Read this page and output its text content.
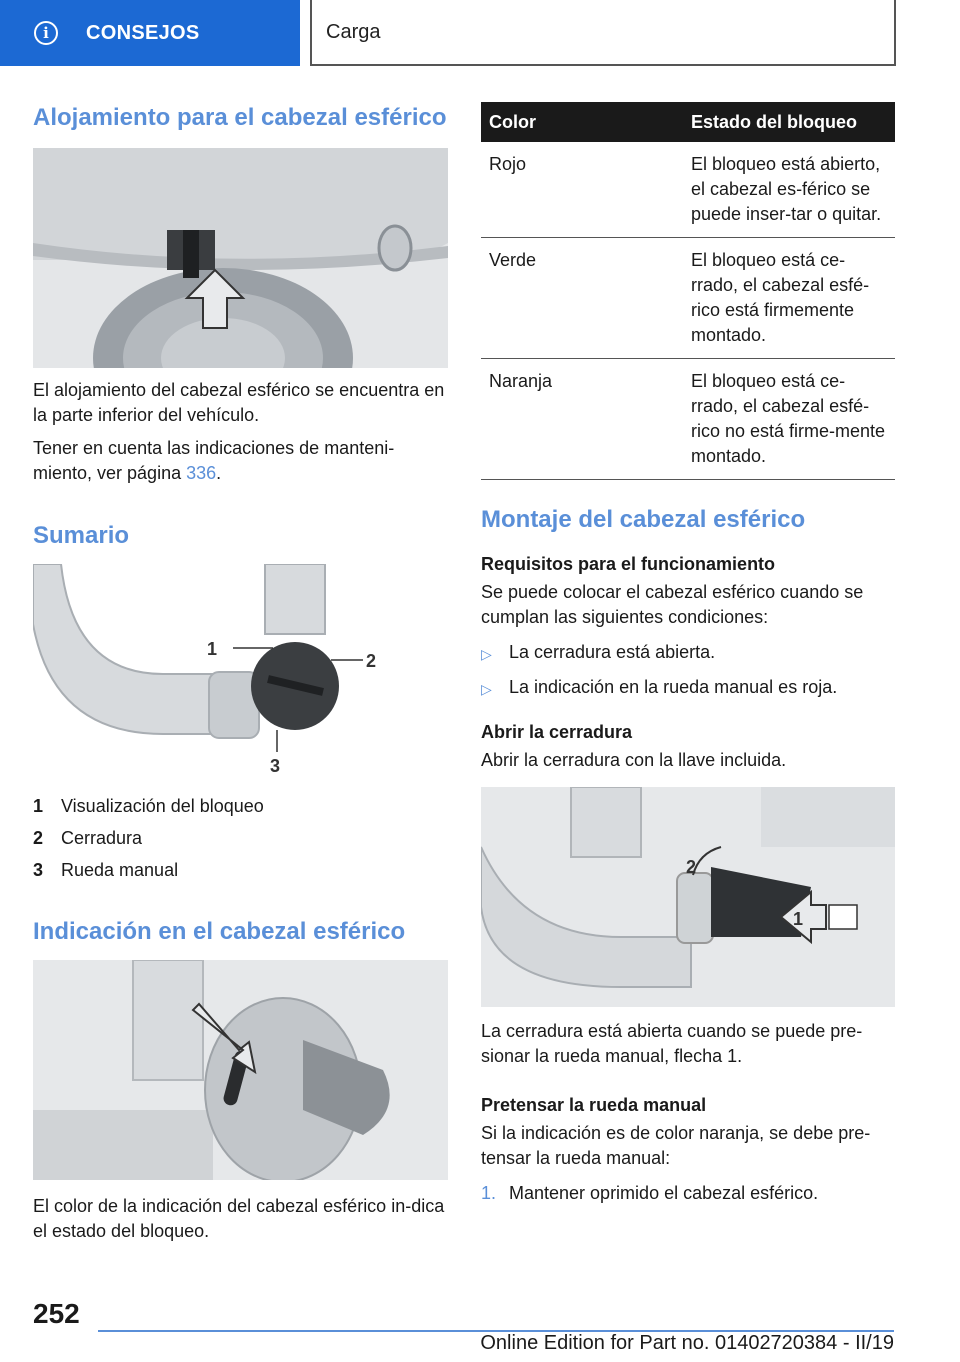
i	CONSEJOS	Carga
Alojamiento para el cabezal esférico

El alojamiento del cabezal esférico se encuentra en la parte inferior del vehículo.

Tener en cuenta las indicaciones de manteni-miento, ver página 336.

Sumario
1
2
3
1 Visualización del bloqueo
2 Cerradura
3 Rueda manual
Indicación en el cabezal esférico

El color de la indicación del cabezal esférico in-dica el estado del bloqueo.

Color	Estado del bloqueo
Rojo	El bloqueo está abierto, el cabezal es-férico se puede inser-tar o quitar.
Verde	El bloqueo está ce-rrado, el cabezal esfé-rico está firmemente montado.
Naranja	El bloqueo está ce-rrado, el cabezal esfé-rico no está firme-mente montado.
Montaje del cabezal esférico
Requisitos para el funcionamiento

Se puede colocar el cabezal esférico cuando se cumplan las siguientes condiciones:

▷ La cerradura está abierta.
▷ La indicación en la rueda manual es roja.
Abrir la cerradura

Abrir la cerradura con la llave incluida.

2
1

La cerradura está abierta cuando se puede pre-sionar la rueda manual, flecha 1.

Pretensar la rueda manual

Si la indicación es de color naranja, se debe pre-tensar la rueda manual:

1. Mantener oprimido el cabezal esférico.
252
Online Edition for Part no. 01402720384 - II/19
